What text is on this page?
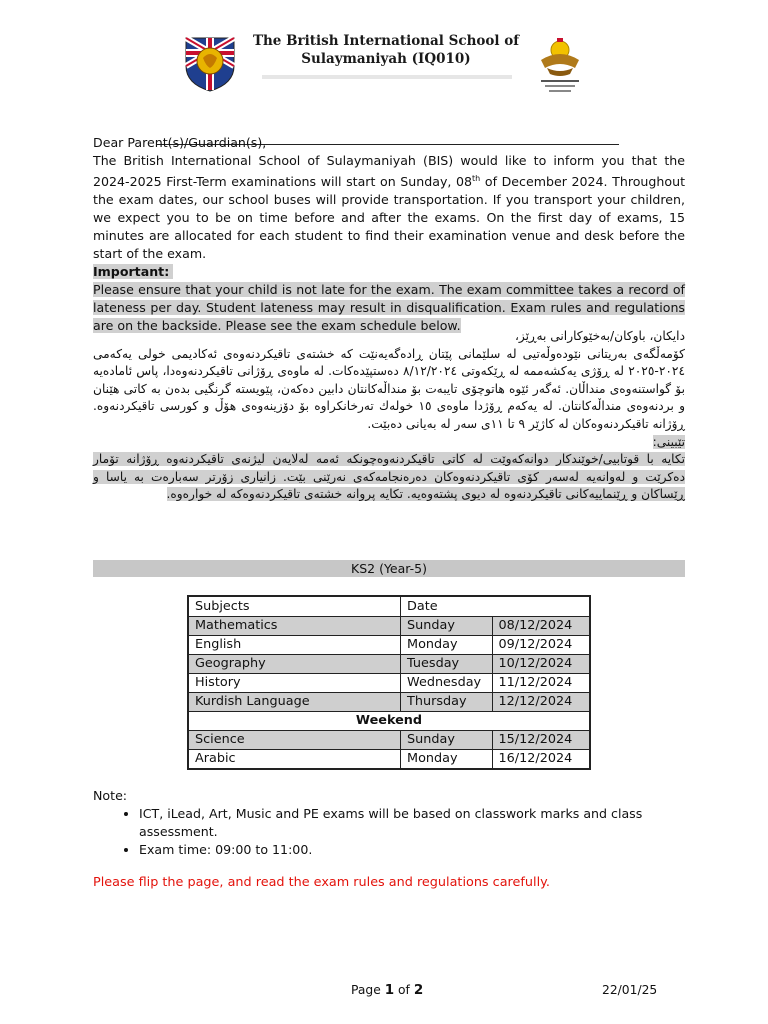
The British International School of
Sulaymaniyah (IQ010)

Dear Parent(s)/Guardian(s),

The British International School of Sulaymaniyah (BIS) would like to inform you that the 2024-2025 First-Term examinations will start on Sunday, 08th of December 2024. Throughout the exam dates, our school buses will provide transportation. If you transport your children, we expect you to be on time before and after the exams. On the first day of exams, 15 minutes are allocated for each student to find their examination venue and desk before the start of the exam.

Important:

Please ensure that your child is not late for the exam. The exam committee takes a record of lateness per day. Student lateness may result in disqualification. Exam rules and regulations are on the backside. Please see the exam schedule below.

دایکان، باوکان/بەخێوکارانی بەڕێز،

کۆمەڵگەی بەریتانی نێودەوڵەتیی لە سلێمانی پێتان ڕادەگەیەنێت کە خشتەی تاقیکردنەوەی ئەکادیمی خولی یەکەمی ٢٠٢٤-٢٠٢٥ لە ڕۆژی یەکشەممە لە ڕێکەوتی ٨/١٢/٢٠٢٤ دەستپێدەکات. لە ماوەی ڕۆژانی تاقیکردنەوەدا، پاس ئامادەیە بۆ گواستنەوەی منداڵان. ئەگەر ئێوە هاتوچۆی تایبەت بۆ منداڵەکانتان دابین دەکەن، پێویستە گرنگیی بدەن بە کاتی هێنان و بردنەوەی منداڵەکانتان. لە یەکەم ڕۆژدا ماوەی ١٥ خولەك تەرخانکراوە بۆ دۆزینەوەی هۆڵ و کورسی تاقیکردنەوە. ڕۆژانە تاقیکردنەوەکان لە کاژێر ٩ تا ١١ی سەر لە بەیانی دەبێت.

تێبینی:

تکایە با قوتابیی/خوێندکار دوانەکەوێت لە کاتی تاقیکردنەوەچونکە ئەمە لەلایەن لیژنەی تاقیکردنەوە ڕۆژانە تۆمار دەکرێت و لەوانەیە لەسەر کۆی تاقیکردنەوەکان دەرەنجامەکەی نەرێنی بێت. زانیاری زۆرتر سەبارەت بە یاسا و ڕێساکان و ڕێنماییەکانی تاقیکردنەوە لە دیوی پشتەوەیە. تکایە پروانە خشتەی تاقیکردنەوەکە لە خوارەوە.

KS2 (Year-5)
Subjects	Date	
Mathematics	Sunday	08/12/2024
English	Monday	09/12/2024
Geography	Tuesday	10/12/2024
History	Wednesday	11/12/2024
Kurdish Language	Thursday	12/12/2024
Weekend		
Science	Sunday	15/12/2024
Arabic	Monday	16/12/2024
Note:
• ICT, iLead, Art, Music and PE exams will be based on classwork marks and class assessment.
• Exam time: 09:00 to 11:00.
Please flip the page, and read the exam rules and regulations carefully.
Page 1 of 2	22/01/25
